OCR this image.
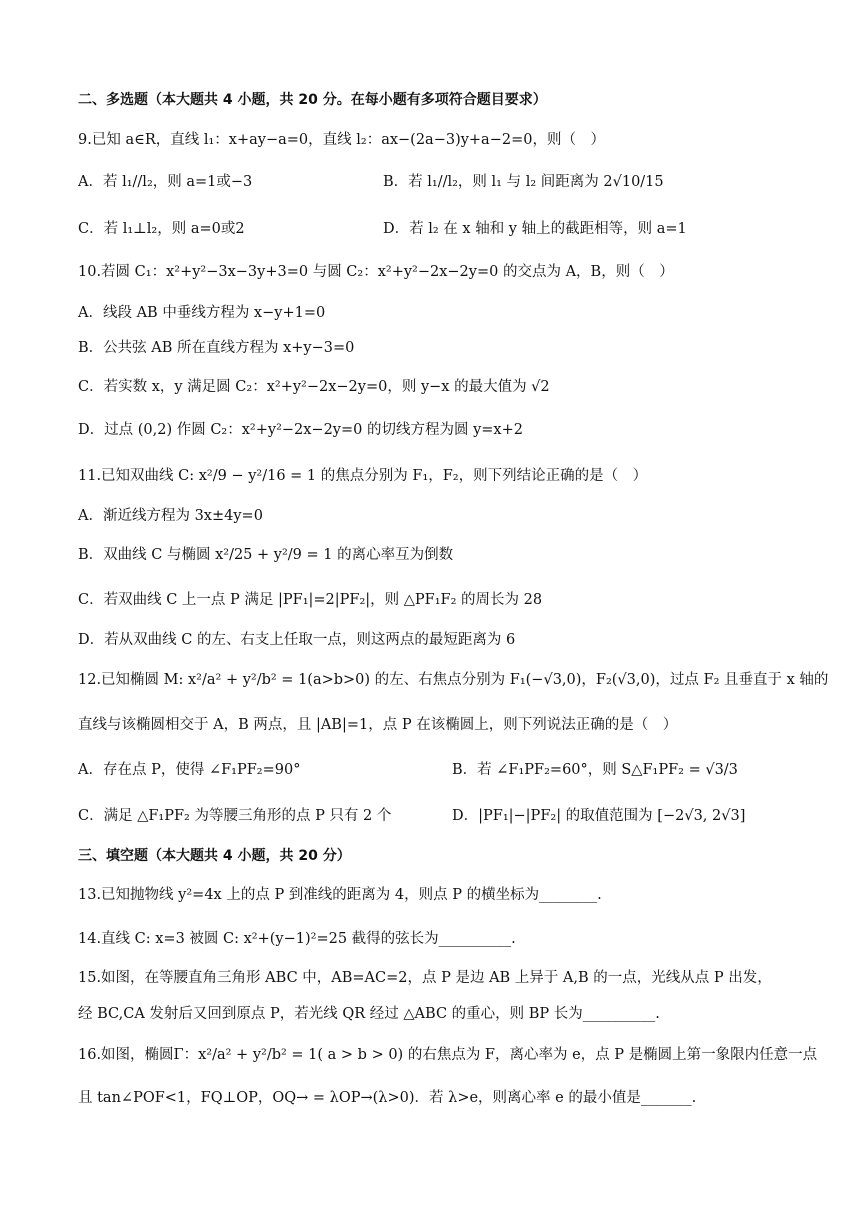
二、多选题（本大题共 4 小题，共 20 分。在每小题有多项符合题目要求）
9.已知 a∈R，直线 l₁：x+ay−a=0，直线 l₂：ax−(2a−3)y+a−2=0，则（　）
A．若 l₁//l₂，则 a=1或−3	B．若 l₁//l₂，则 l₁ 与 l₂ 间距离为 2√10/15
C．若 l₁⊥l₂，则 a=0或2	D．若 l₂ 在 x 轴和 y 轴上的截距相等，则 a=1
10.若圆 C₁：x²+y²−3x−3y+3=0 与圆 C₂：x²+y²−2x−2y=0 的交点为 A，B，则（　）
A．线段 AB 中垂线方程为 x−y+1=0
B．公共弦 AB 所在直线方程为 x+y−3=0
C．若实数 x，y 满足圆 C₂：x²+y²−2x−2y=0，则 y−x 的最大值为 √2
D．过点 (0,2) 作圆 C₂：x²+y²−2x−2y=0 的切线方程为圆 y=x+2
11.已知双曲线 C: x²/9 − y²/16 = 1 的焦点分别为 F₁，F₂，则下列结论正确的是（　）
A．渐近线方程为 3x±4y=0
B．双曲线 C 与椭圆 x²/25 + y²/9 = 1 的离心率互为倒数
C．若双曲线 C 上一点 P 满足 |PF₁|=2|PF₂|，则 △PF₁F₂ 的周长为 28
D．若从双曲线 C 的左、右支上任取一点，则这两点的最短距离为 6
12.已知椭圆 M: x²/a² + y²/b² = 1(a>b>0) 的左、右焦点分别为 F₁(−√3,0)，F₂(√3,0)，过点 F₂ 且垂直于 x 轴的
直线与该椭圆相交于 A，B 两点，且 |AB|=1，点 P 在该椭圆上，则下列说法正确的是（　）
A．存在点 P，使得 ∠F₁PF₂=90°	B．若 ∠F₁PF₂=60°，则 S△F₁PF₂ = √3/3
C．满足 △F₁PF₂ 为等腰三角形的点 P 只有 2 个	D．|PF₁|−|PF₂| 的取值范围为 [−2√3, 2√3]
三、填空题（本大题共 4 小题，共 20 分）
13.已知抛物线 y²=4x 上的点 P 到准线的距离为 4，则点 P 的横坐标为________.
14.直线 C: x=3 被圆 C: x²+(y−1)²=25 截得的弦长为__________.
15.如图，在等腰直角三角形 ABC 中，AB=AC=2，点 P 是边 AB 上异于 A,B 的一点，光线从点 P 出发，
经 BC,CA 发射后又回到原点 P，若光线 QR 经过 △ABC 的重心，则 BP 长为__________.
16.如图，椭圆Γ：x²/a² + y²/b² = 1( a > b > 0) 的右焦点为 F，离心率为 e，点 P 是椭圆上第一象限内任意一点
且 tan∠POF<1，FQ⊥OP，OQ→ = λOP→(λ>0)．若 λ>e，则离心率 e 的最小值是_______.
